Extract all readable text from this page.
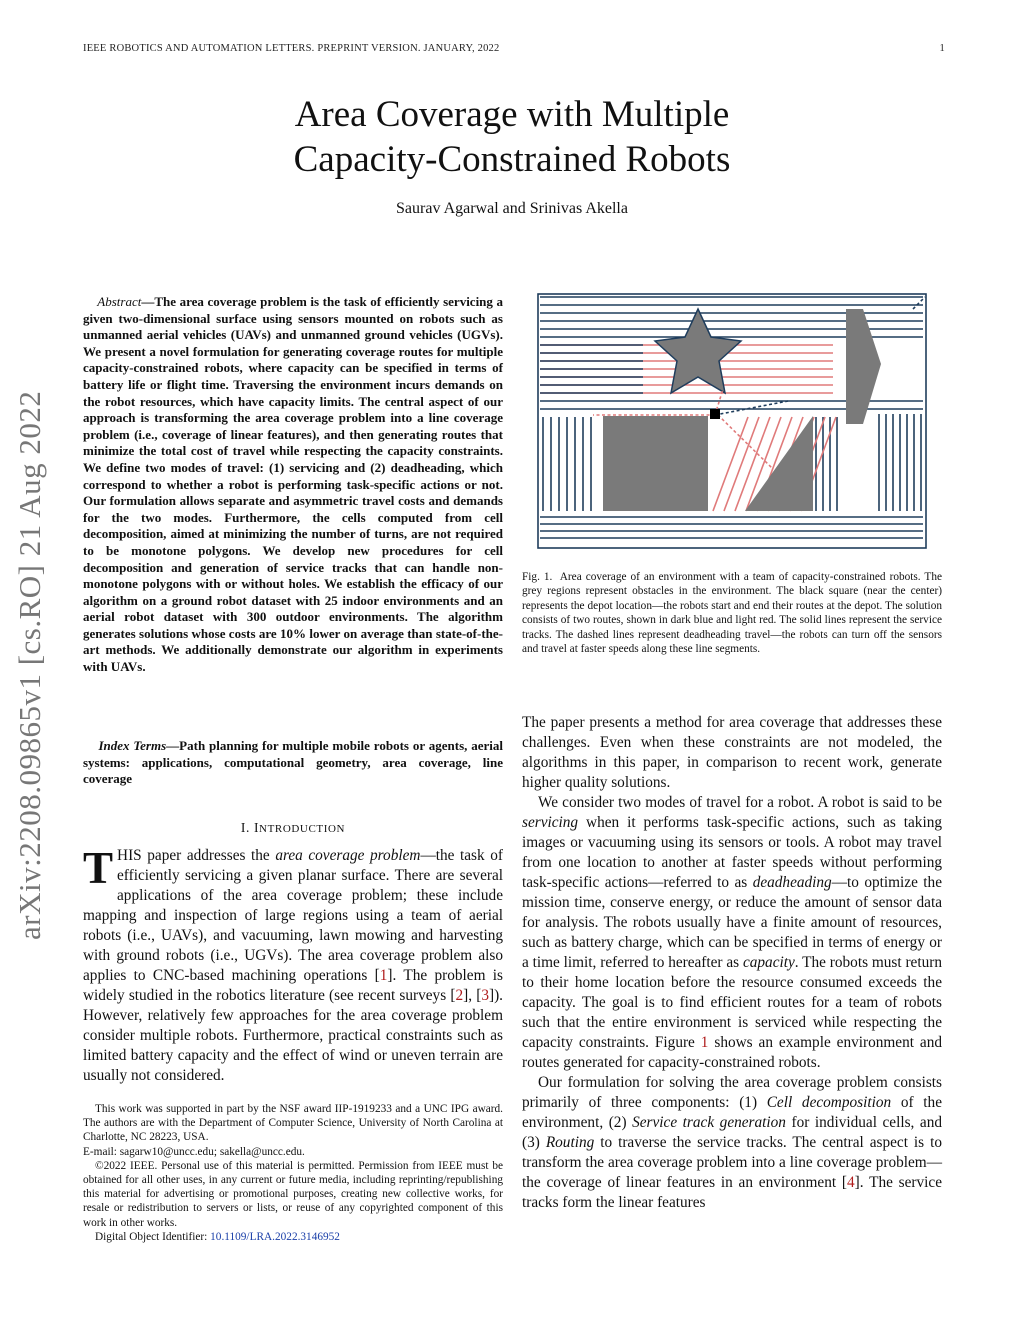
IEEE ROBOTICS AND AUTOMATION LETTERS. PREPRINT VERSION. JANUARY, 2022	1
Area Coverage with Multiple
Capacity-Constrained Robots
Saurav Agarwal and Srinivas Akella
arXiv:2208.09865v1 [cs.RO] 21 Aug 2022
Abstract—The area coverage problem is the task of efficiently servicing a given two-dimensional surface using sensors mounted on robots such as unmanned aerial vehicles (UAVs) and unmanned ground vehicles (UGVs). We present a novel formulation for generating coverage routes for multiple capacity-constrained robots, where capacity can be specified in terms of battery life or flight time. Traversing the environment incurs demands on the robot resources, which have capacity limits. The central aspect of our approach is transforming the area coverage problem into a line coverage problem (i.e., coverage of linear features), and then generating routes that minimize the total cost of travel while respecting the capacity constraints. We define two modes of travel: (1) servicing and (2) deadheading, which correspond to whether a robot is performing task-specific actions or not. Our formulation allows separate and asymmetric travel costs and demands for the two modes. Furthermore, the cells computed from cell decomposition, aimed at minimizing the number of turns, are not required to be monotone polygons. We develop new procedures for cell decomposition and generation of service tracks that can handle non-monotone polygons with or without holes. We establish the efficacy of our algorithm on a ground robot dataset with 25 indoor environments and an aerial robot dataset with 300 outdoor environments. The algorithm generates solutions whose costs are 10% lower on average than state-of-the-art methods. We additionally demonstrate our algorithm in experiments with UAVs.
Index Terms—Path planning for multiple mobile robots or agents, aerial systems: applications, computational geometry, area coverage, line coverage
I. INTRODUCTION
THIS paper addresses the area coverage problem—the task of efficiently servicing a given planar surface. There are several applications of the area coverage problem; these include mapping and inspection of large regions using a team of aerial robots (i.e., UAVs), and vacuuming, lawn mowing and harvesting with ground robots (i.e., UGVs). The area coverage problem also applies to CNC-based machining operations [1]. The problem is widely studied in the robotics literature (see recent surveys [2], [3]). However, relatively few approaches for the area coverage problem consider multiple robots. Furthermore, practical constraints such as limited battery capacity and the effect of wind or uneven terrain are usually not considered.

This work was supported in part by the NSF award IIP-1919233 and a UNC IPG award. The authors are with the Department of Computer Science, University of North Carolina at Charlotte, NC 28223, USA.

E-mail: sagarw10@uncc.edu; sakella@uncc.edu.

©2022 IEEE. Personal use of this material is permitted. Permission from IEEE must be obtained for all other uses, in any current or future media, including reprinting/republishing this material for advertising or promotional purposes, creating new collective works, for resale or redistribution to servers or lists, or reuse of any copyrighted component of this work in other works.

Digital Object Identifier: 10.1109/LRA.2022.3146952

Fig. 1. Area coverage of an environment with a team of capacity-constrained robots. The grey regions represent obstacles in the environment. The black square (near the center) represents the depot location—the robots start and end their routes at the depot. The solution consists of two routes, shown in dark blue and light red. The solid lines represent the service tracks. The dashed lines represent deadheading travel—the robots can turn off the sensors and travel at faster speeds along these line segments.

The paper presents a method for area coverage that addresses these challenges. Even when these constraints are not modeled, the algorithms in this paper, in comparison to recent work, generate higher quality solutions.

We consider two modes of travel for a robot. A robot is said to be servicing when it performs task-specific actions, such as taking images or vacuuming using its sensors or tools. A robot may travel from one location to another at faster speeds without performing task-specific actions—referred to as deadheading—to optimize the mission time, conserve energy, or reduce the amount of sensor data for analysis. The robots usually have a finite amount of resources, such as battery charge, which can be specified in terms of energy or a time limit, referred to hereafter as capacity. The robots must return to their home location before the resource consumed exceeds the capacity. The goal is to find efficient routes for a team of robots such that the entire environment is serviced while respecting the capacity constraints. Figure 1 shows an example environment and routes generated for capacity-constrained robots.

Our formulation for solving the area coverage problem consists primarily of three components: (1) Cell decomposition of the environment, (2) Service track generation for individual cells, and (3) Routing to traverse the service tracks. The central aspect is to transform the area coverage problem into a line coverage problem—the coverage of linear features in an environment [4]. The service tracks form the linear features
